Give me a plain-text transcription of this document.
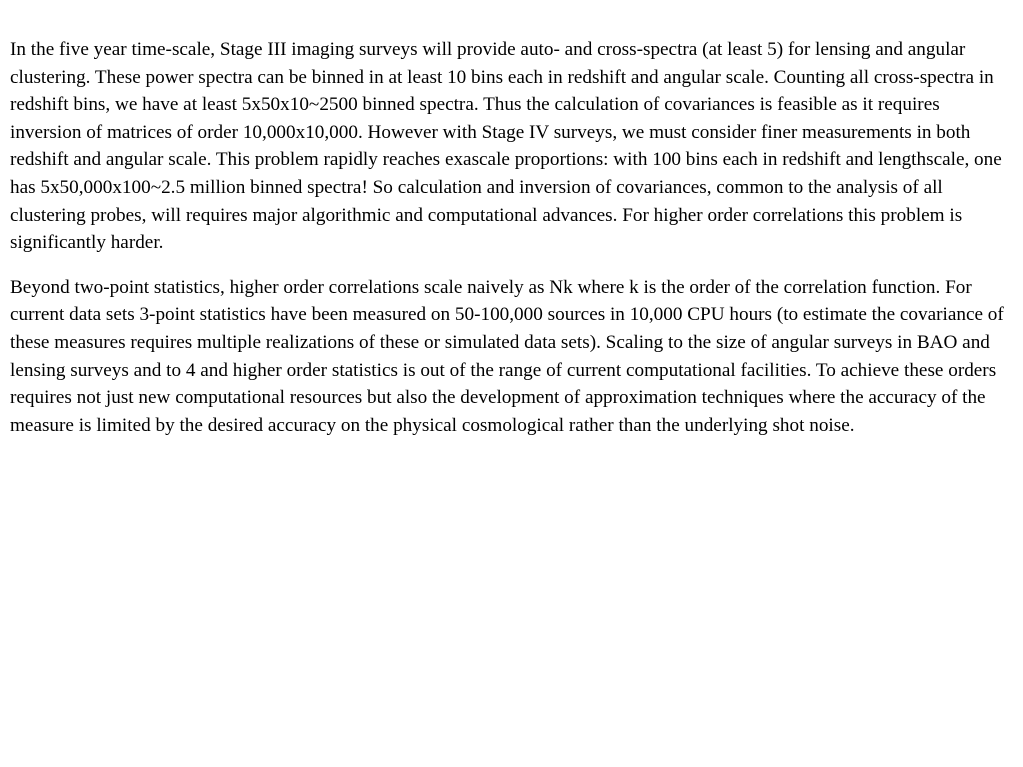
In the five year time-scale, Stage III imaging surveys will provide auto- and cross-spectra (at least 5) for lensing and angular clustering. These power spectra can be binned in at least 10 bins each in redshift and angular scale. Counting all cross-spectra in redshift bins, we have at least 5x50x10~2500 binned spectra. Thus the calculation of covariances is feasible as it requires inversion of matrices of order 10,000x10,000. However with Stage IV surveys, we must consider finer measurements in both redshift and angular scale. This problem rapidly reaches exascale proportions: with 100 bins each in redshift and lengthscale, one has 5x50,000x100~2.5 million binned spectra! So calculation and inversion of covariances, common to the analysis of all clustering probes, will requires major algorithmic and computational advances. For higher order correlations this problem is significantly harder.

Beyond two-point statistics, higher order correlations scale naively as Nk where k is the order of the correlation function. For current data sets 3-point statistics have been measured on 50-100,000 sources in 10,000 CPU hours (to estimate the covariance of these measures requires multiple realizations of these or simulated data sets). Scaling to the size of angular surveys in BAO and lensing surveys and to 4 and higher order statistics is out of the range of current computational facilities. To achieve these orders requires not just new computational resources but also the development of approximation techniques where the accuracy of the measure is limited by the desired accuracy on the physical cosmological rather than the underlying shot noise.
